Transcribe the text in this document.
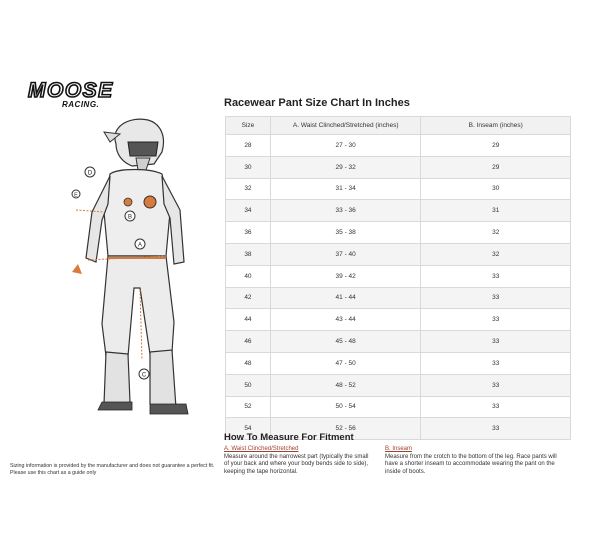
MOOSE
RACING.
D
E
B
A
C
Racewear Pant Size Chart In Inches
Size	A. Waist Clinched/Stretched (inches)	B. Inseam (inches)
28	27 - 30	29
30	29 - 32	29
32	31 - 34	30
34	33 - 36	31
36	35 - 38	32
38	37 - 40	32
40	39 - 42	33
42	41 - 44	33
44	43 - 44	33
46	45 - 48	33
48	47 - 50	33
50	48 - 52	33
52	50 - 54	33
54	52 - 56	33
How To Measure For Fitment
A. Waist Clinched/Stretched
Measure around the narrowest part (typically the small of your back and where your body bends side to side), keeping the tape horizontal.
B. Inseam
Measure from the crotch to the bottom of the leg. Race pants will have a shorter inseam to accommodate wearing the pant on the inside of boots.
Sizing information is provided by the manufacturer and does not guarantee a perfect fit.
Please use this chart as a guide only
